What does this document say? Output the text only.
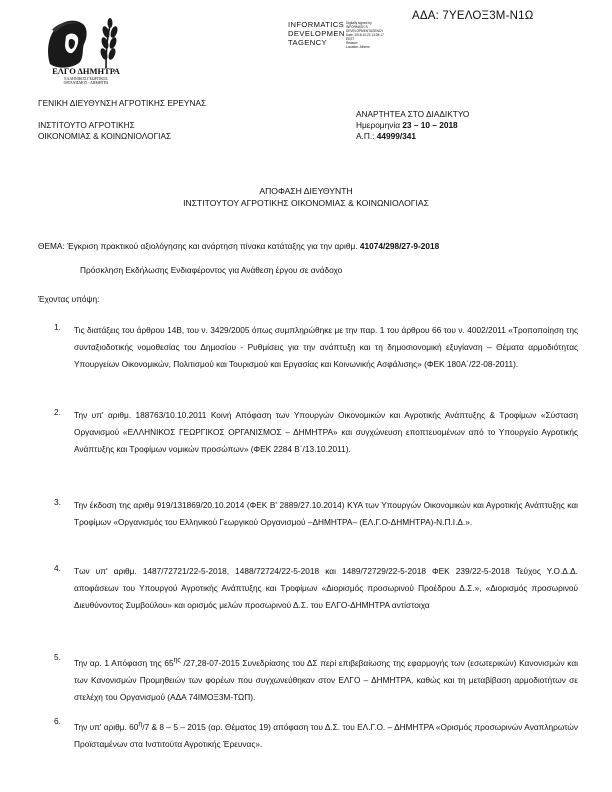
ΑΔΑ: 7ΥΕΛΟΞ3Μ-Ν1Ω
ΕΛΓΟ ΔΗΜΗΤΡΑ
ΕΛΛΗΝΙΚΟΣ ΓΕΩΡΓΙΚΟΣ
ΟΡΓΑΝΙΣΜΟΣ - ΔΗΜΗΤΡΑ
INFORMATICS
DEVELOPMEN
TAGENCY
Digitally signed by
INFORMATICS
DEVELOPMENTAGENCY
Date: 2018.10.23 13:28:17
EEST
Reason:
Location: Athens
ΓΕΝΙΚΗ ΔΙΕΥΘΥΝΣΗ ΑΓΡΟΤΙΚΗΣ ΕΡΕΥΝΑΣ
ΙΝΣΤΙΤΟΥΤΟ ΑΓΡΟΤΙΚΗΣ
ΟΙΚΟΝΟΜΙΑΣ & ΚΟΙΝΩΝΙΟΛΟΓΙΑΣ
ΑΝΑΡΤΗΤΕΑ ΣΤΟ ΔΙΑΔΙΚΤΥΟ
Ημερομηνία 23 – 10 – 2018
Α.Π.: 44999/341
ΑΠΟΦΑΣΗ ΔΙΕΥΘΥΝΤΗ
ΙΝΣΤΙΤΟΥΤΟΥ ΑΓΡΟΤΙΚΗΣ ΟΙΚΟΝΟΜΙΑΣ & ΚΟΙΝΩΝΙΟΛΟΓΙΑΣ
ΘΕΜΑ: Έγκριση πρακτικού αξιολόγησης και ανάρτηση πίνακα κατάταξης για την αριθμ. 41074/298/27-9-2018
Πρόσκληση Εκδήλωσης Ενδιαφέροντος για Ανάθεση έργου σε ανάδοχο
Έχοντας υπόψη:
1. Τις διατάξεις του άρθρου 14Β, του ν. 3429/2005 όπως συμπληρώθηκε με την παρ. 1 του άρθρου 66 του ν. 4002/2011 «Τροποποίηση της συνταξιοδοτικής νομοθεσίας του Δημοσίου - Ρυθμίσεις για την ανάπτυξη και τη δημοσιονομική εξυγίανση – Θέματα αρμοδιότητας Υπουργείων Οικονομικών, Πολιτισμού και Τουρισμού και Εργασίας και Κοινωνικής Ασφάλισης» (ΦΕΚ 180Α΄/22-08-2011).
2. Την υπ' αριθμ. 188763/10.10.2011 Κοινή Απόφαση των Υπουργών Οικονομικών και Αγροτικής Ανάπτυξης & Τροφίμων «Σύσταση Οργανισμού «ΕΛΛΗΝΙΚΟΣ ΓΕΩΡΓΙΚΟΣ ΟΡΓΑΝΙΣΜΟΣ – ΔΗΜΗΤΡΑ» και συγχώνευση εποπτευομένων από το Υπουργείο Αγροτικής Ανάπτυξης και Τροφίμων νομικών προσώπων» (ΦΕΚ 2284 Β΄/13.10.2011).
3. Την έκδοση της αριθμ 919/131869/20.10.2014 (ΦΕΚ Β' 2889/27.10.2014) ΚΥΑ των Υπουργών Οικονομικών και Αγροτικής Ανάπτυξης και Τροφίμων «Οργανισμός του Ελληνικού Γεωργικού Οργανισμού –ΔΗΜΗΤΡΑ– (ΕΛ.Γ.Ο-ΔΗΜΗΤΡΑ)-Ν.Π.Ι.Δ.».
4. Των υπ' αριθμ. 1487/72721/22-5-2018, 1488/72724/22-5-2018 και 1489/72729/22-5-2018 ΦΕΚ 239/22-5-2018 Τεύχος Υ.Ο.Δ.Δ. αποφάσεων του Υπουργού Αγροτικής Ανάπτυξης και Τροφίμων «Διορισμός προσωρινού Προέδρου Δ.Σ.», «Διορισμός προσωρινού Διευθύνοντος Συμβούλου» και ορισμός μελών προσωρινού Δ.Σ. του ΕΛΓΟ-ΔΗΜΗΤΡΑ αντίστοιχα
5.
Την αρ. 1 Απόφαση της $65^{\eta\varsigma}$ /27,28-07-2015 Συνεδρίασης του ΔΣ περί επιβεβαίωσης της εφαρμογής των (εσωτερικών) Κανονισμών και των Κανονισμών Προμηθειών των φορέων που συγχωνεύθηκαν στον ΕΛΓΟ – ΔΗΜΗΤΡΑ, καθώς και τη μεταβίβαση αρμοδιοτήτων σε στελέχη του Οργανισμού (ΑΔΑ 74ΙΜΟΞ3Μ-ΤΩΠ).
6.
Την υπ' αριθμ. $60^\eta/7$ & 8 – 5 – 2015 (αρ. Θέματος 19) απόφαση του Δ.Σ. του ΕΛ.Γ.Ο. – ΔΗΜΗΤΡΑ «Ορισμός προσωρινών Αναπληρωτών Προϊσταμένων στα Ινστιτούτα Αγροτικής Έρευνας».
